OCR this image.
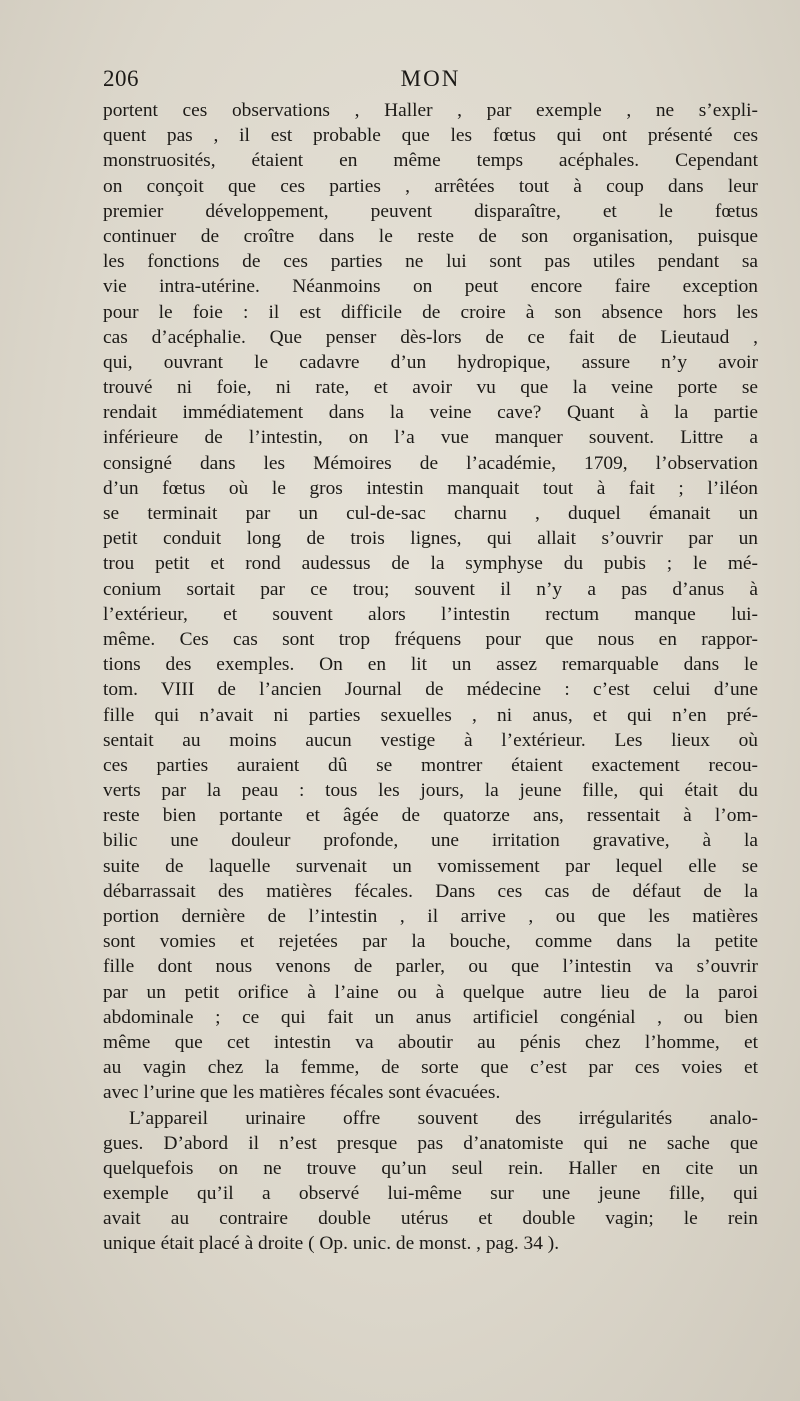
206	MON
portent ces observations , Haller , par exemple , ne s’expli-
quent pas , il est probable que les fœtus qui ont présenté ces
monstruosités, étaient en même temps acéphales. Cependant
on conçoit que ces parties , arrêtées tout à coup dans leur
premier développement, peuvent disparaître, et le fœtus
continuer de croître dans le reste de son organisation, puisque
les fonctions de ces parties ne lui sont pas utiles pendant sa
vie intra-utérine. Néanmoins on peut encore faire exception
pour le foie : il est difficile de croire à son absence hors les
cas d’acéphalie. Que penser dès-lors de ce fait de Lieutaud ,
qui, ouvrant le cadavre d’un hydropique, assure n’y avoir
trouvé ni foie, ni rate, et avoir vu que la veine porte se
rendait immédiatement dans la veine cave? Quant à la partie
inférieure de l’intestin, on l’a vue manquer souvent. Littre a
consigné dans les Mémoires de l’académie, 1709, l’observation
d’un fœtus où le gros intestin manquait tout à fait ; l’iléon
se terminait par un cul-de-sac charnu , duquel émanait un
petit conduit long de trois lignes, qui allait s’ouvrir par un
trou petit et rond audessus de la symphyse du pubis ; le mé-
conium sortait par ce trou; souvent il n’y a pas d’anus à
l’extérieur, et souvent alors l’intestin rectum manque lui-
même. Ces cas sont trop fréquens pour que nous en rappor-
tions des exemples. On en lit un assez remarquable dans le
tom. VIII de l’ancien Journal de médecine : c’est celui d’une
fille qui n’avait ni parties sexuelles , ni anus, et qui n’en pré-
sentait au moins aucun vestige à l’extérieur. Les lieux où
ces parties auraient dû se montrer étaient exactement recou-
verts par la peau : tous les jours, la jeune fille, qui était du
reste bien portante et âgée de quatorze ans, ressentait à l’om-
bilic une douleur profonde, une irritation gravative, à la
suite de laquelle survenait un vomissement par lequel elle se
débarrassait des matières fécales. Dans ces cas de défaut de la
portion dernière de l’intestin , il arrive , ou que les matières
sont vomies et rejetées par la bouche, comme dans la petite
fille dont nous venons de parler, ou que l’intestin va s’ouvrir
par un petit orifice à l’aine ou à quelque autre lieu de la paroi
abdominale ; ce qui fait un anus artificiel congénial , ou bien
même que cet intestin va aboutir au pénis chez l’homme, et
au vagin chez la femme, de sorte que c’est par ces voies et
avec l’urine que les matières fécales sont évacuées.
L’appareil urinaire offre souvent des irrégularités analo-
gues. D’abord il n’est presque pas d’anatomiste qui ne sache que
quelquefois on ne trouve qu’un seul rein. Haller en cite un
exemple qu’il a observé lui-même sur une jeune fille, qui
avait au contraire double utérus et double vagin; le rein
unique était placé à droite ( Op. unic. de monst. , pag. 34 ).
